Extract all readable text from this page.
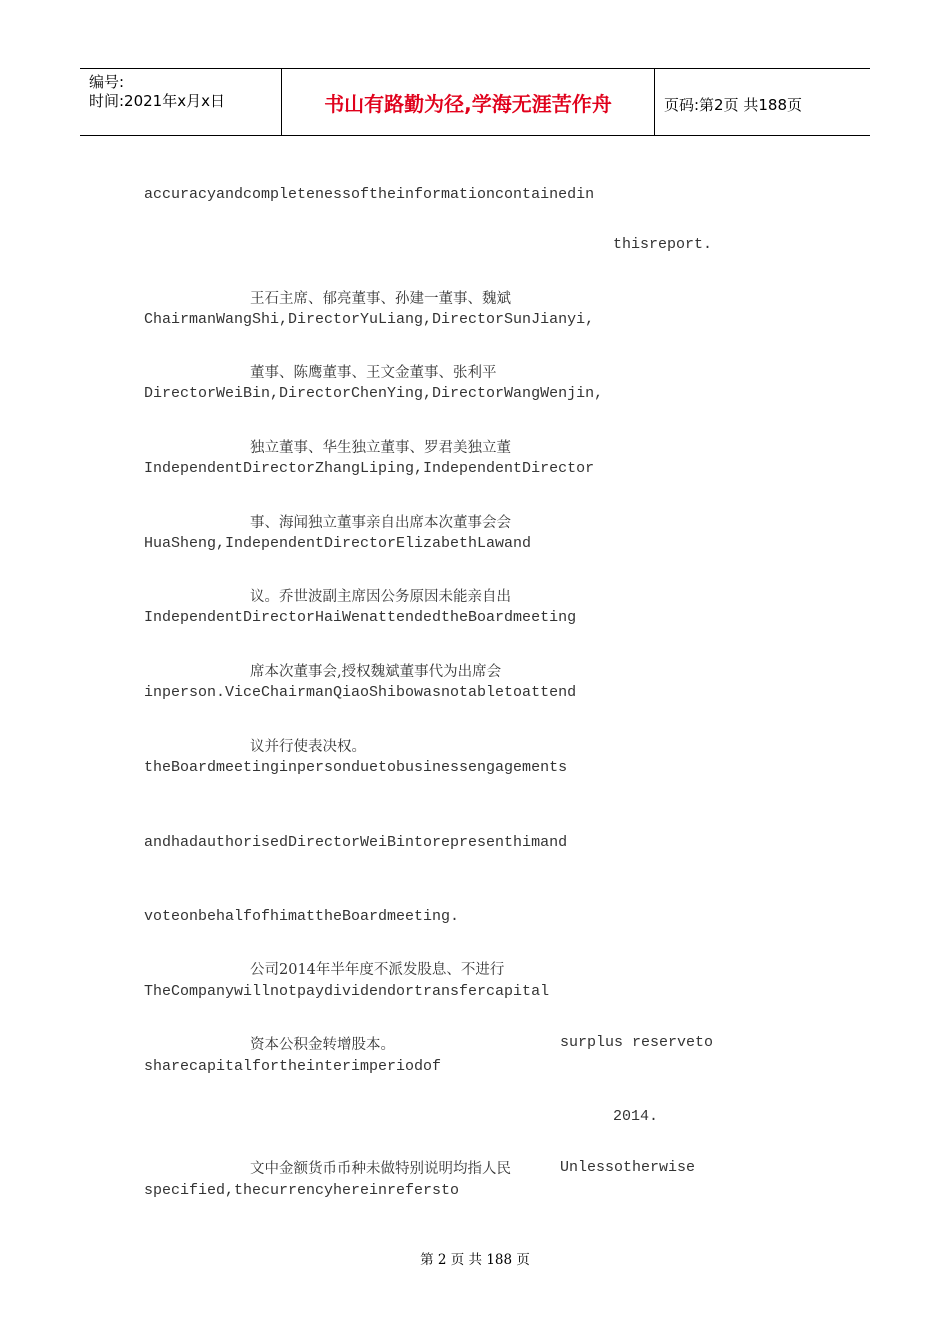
编号:
时间:2021年x月x日	书山有路勤为径,学海无涯苦作舟	页码:第2页 共188页
accuracyandcompletenessoftheinformationcontainedin
thisreport.
王石主席、郁亮董事、孙建一董事、魏斌
ChairmanWangShi,DirectorYuLiang,DirectorSunJianyi,
董事、陈鹰董事、王文金董事、张利平
DirectorWeiBin,DirectorChenYing,DirectorWangWenjin,
独立董事、华生独立董事、罗君美独立董
IndependentDirectorZhangLiping,IndependentDirector
事、海闻独立董事亲自出席本次董事会会
HuaSheng,IndependentDirectorElizabethLawand
议。乔世波副主席因公务原因未能亲自出
IndependentDirectorHaiWenattendedtheBoardmeeting
席本次董事会,授权魏斌董事代为出席会
inperson.ViceChairmanQiaoShibowasnotabletoattend
议并行使表决权。
theBoardmeetinginpersonduetobusinessengagements
andhadauthorisedDirectorWeiBintorepresenthimand
voteonbehalfofhimattheBoardmeeting.
公司2014年半年度不派发股息、不进行
TheCompanywillnotpaydividendortransfercapital
资本公积金转增股本。	surplus reserveto
sharecapitalfortheinterimperiodof
2014.
文中金额货币币种未做特别说明均指人民	Unlessotherwise
specified,thecurrencyhereinrefersto
第 2 页 共 188 页
